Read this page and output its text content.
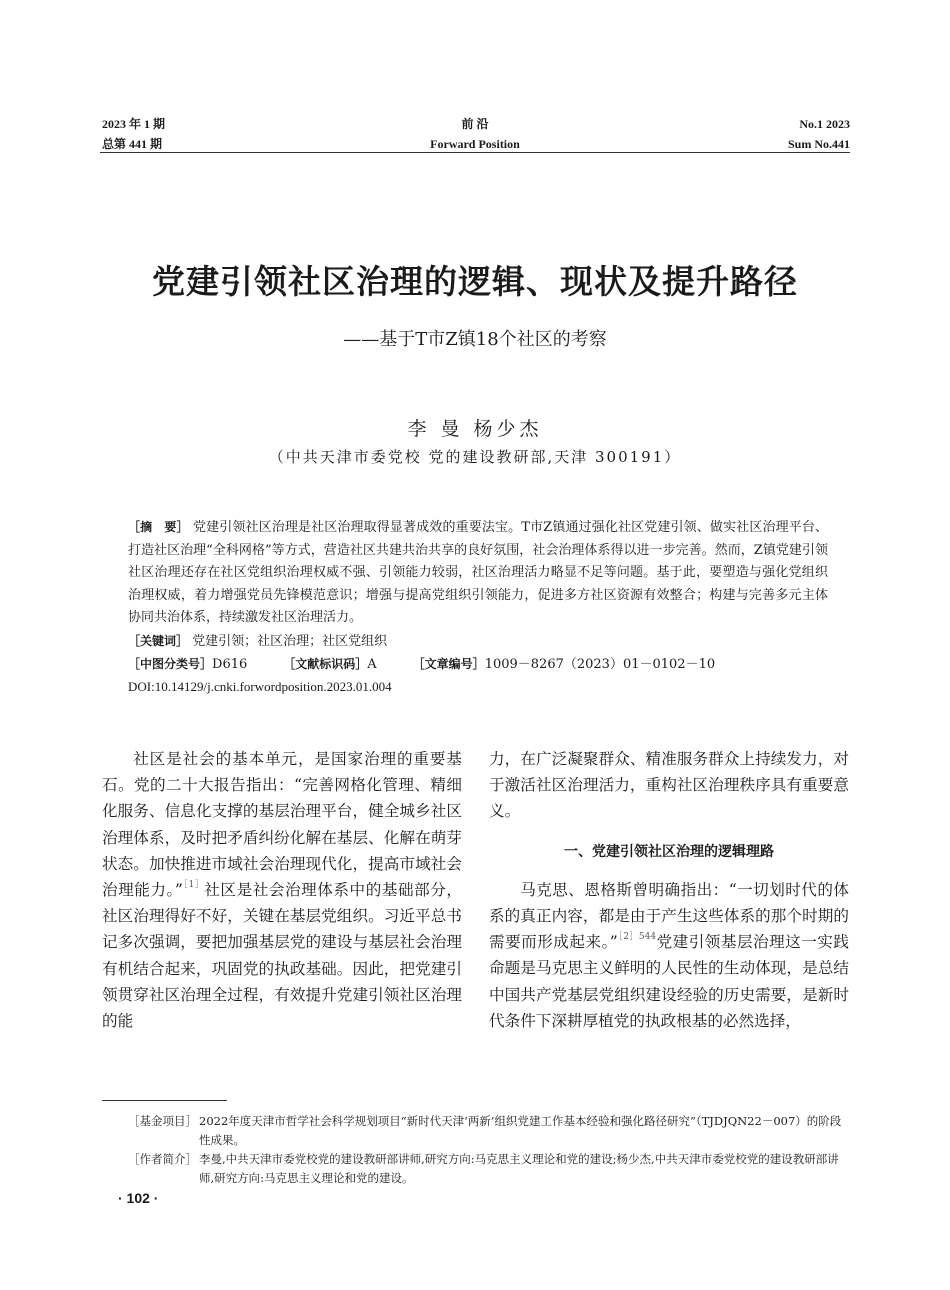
2023 年 1 期
总第 441 期
前 沿
Forward Position
No.1 2023
Sum No.441
党建引领社区治理的逻辑、现状及提升路径
——基于T市Z镇18个社区的考察
李 曼 杨少杰
（中共天津市委党校 党的建设教研部,天津 300191）
［摘　要］ 党建引领社区治理是社区治理取得显著成效的重要法宝。T市Z镇通过强化社区党建引领、做实社区治理平台、打造社区治理“全科网格”等方式，营造社区共建共治共享的良好氛围，社会治理体系得以进一步完善。然而，Z镇党建引领社区治理还存在社区党组织治理权威不强、引领能力较弱，社区治理活力略显不足等问题。基于此，要塑造与强化党组织治理权威，着力增强党员先锋模范意识；增强与提高党组织引领能力，促进多方社区资源有效整合；构建与完善多元主体协同共治体系，持续激发社区治理活力。
［关键词］ 党建引领；社区治理；社区党组织
［中图分类号］D616	［文献标识码］A	［文章编号］1009－8267（2023）01－0102－10
DOI:10.14129/j.cnki.forwordposition.2023.01.004

社区是社会的基本单元，是国家治理的重要基石。党的二十大报告指出：“完善网格化管理、精细化服务、信息化支撑的基层治理平台，健全城乡社区治理体系，及时把矛盾纠纷化解在基层、化解在萌芽状态。加快推进市域社会治理现代化，提高市域社会治理能力。”$^{[1]}$社区是社会治理体系中的基础部分，社区治理得好不好，关键在基层党组织。习近平总书记多次强调，要把加强基层党的建设与基层社会治理有机结合起来，巩固党的执政基础。因此，把党建引领贯穿社区治理全过程，有效提升党建引领社区治理的能

力，在广泛凝聚群众、精准服务群众上持续发力，对于激活社区治理活力，重构社区治理秩序具有重要意义。

一、党建引领社区治理的逻辑理路

马克思、恩格斯曾明确指出：“一切划时代的体系的真正内容，都是由于产生这些体系的那个时期的需要而形成起来。”$^{[2]544}$党建引领基层治理这一实践命题是马克思主义鲜明的人民性的生动体现，是总结中国共产党基层党组织建设经验的历史需要，是新时代条件下深耕厚植党的执政根基的必然选择，

［基金项目］ 2022年度天津市哲学社会科学规划项目“新时代天津‘两新’组织党建工作基本经验和强化路径研究”（TJDJQN22－007）的阶段性成果。
［作者简介］ 李曼,中共天津市委党校党的建设教研部讲师,研究方向:马克思主义理论和党的建设;杨少杰,中共天津市委党校党的建设教研部讲师,研究方向:马克思主义理论和党的建设。
· 102 ·
